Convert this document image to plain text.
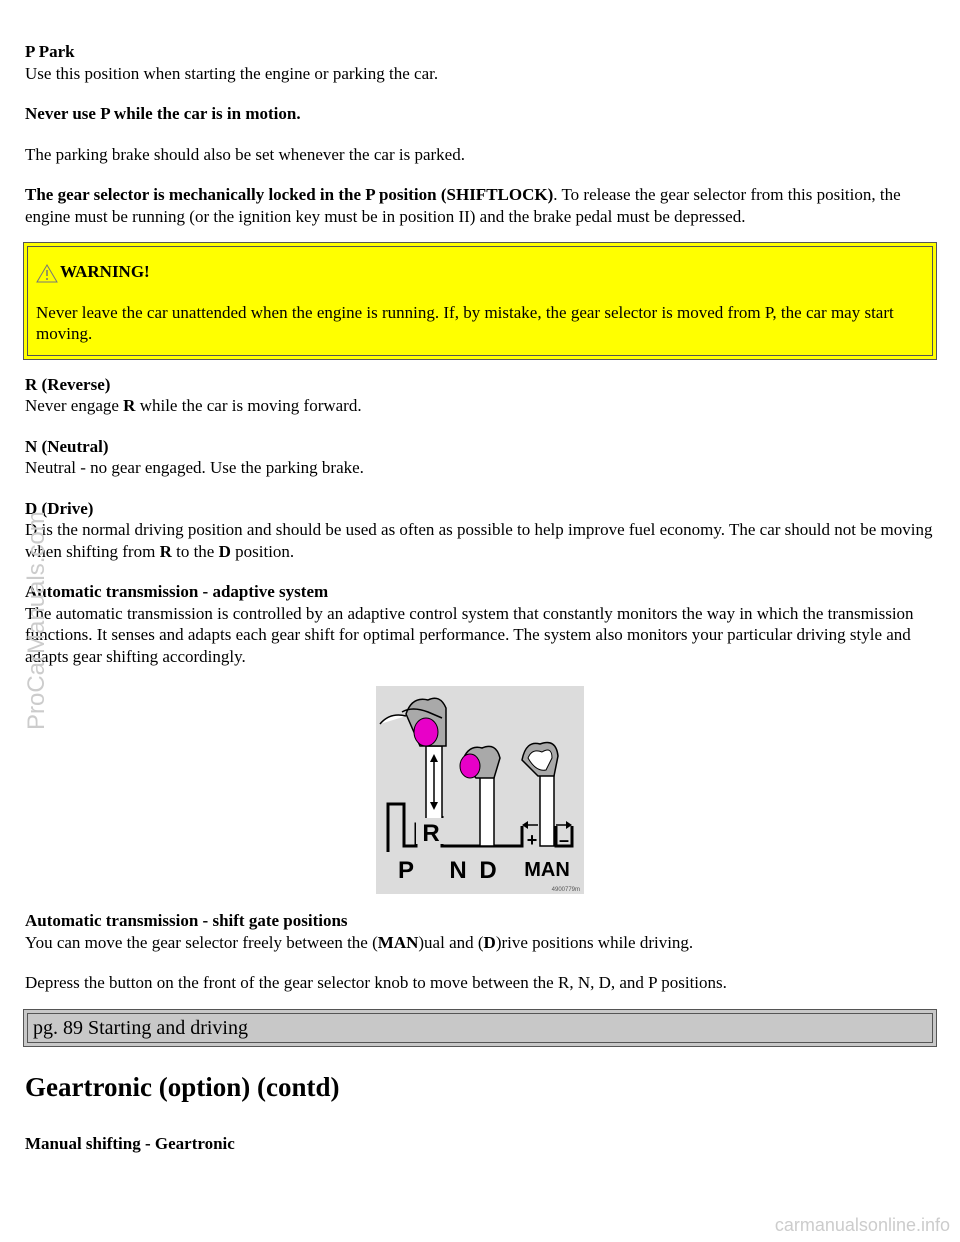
P Park
Use this position when starting the engine or parking the car.

Never use P while the car is in motion.

The parking brake should also be set whenever the car is parked.

The gear selector is mechanically locked in the P position (SHIFTLOCK). To release the gear selector from this position, the engine must be running (or the ignition key must be in position II) and the brake pedal must be depressed.

WARNING!
Never leave the car unattended when the engine is running. If, by mistake, the gear selector is moved from P, the car may start moving.

R (Reverse)
Never engage R while the car is moving forward.

N (Neutral)
Neutral - no gear engaged. Use the parking brake.

D (Drive)
D is the normal driving position and should be used as often as possible to help improve fuel economy. The car should not be moving when shifting from R to the D position.

Automatic transmission - adaptive system
The automatic transmission is controlled by an adaptive control system that constantly monitors the way in which the transmission functions. It senses and adapts each gear shift for optimal performance. The system also monitors your particular driving style and adapts gear shifting accordingly.

R	+ –
P N D MAN
4900779m

Automatic transmission - shift gate positions
You can move the gear selector freely between the (MAN)ual and (D)rive positions while driving.

Depress the button on the front of the gear selector knob to move between the R, N, D, and P positions.

pg. 89 Starting and driving
Geartronic (option) (contd)

Manual shifting - Geartronic

ProCarManuals.com
carmanualsonline.info
